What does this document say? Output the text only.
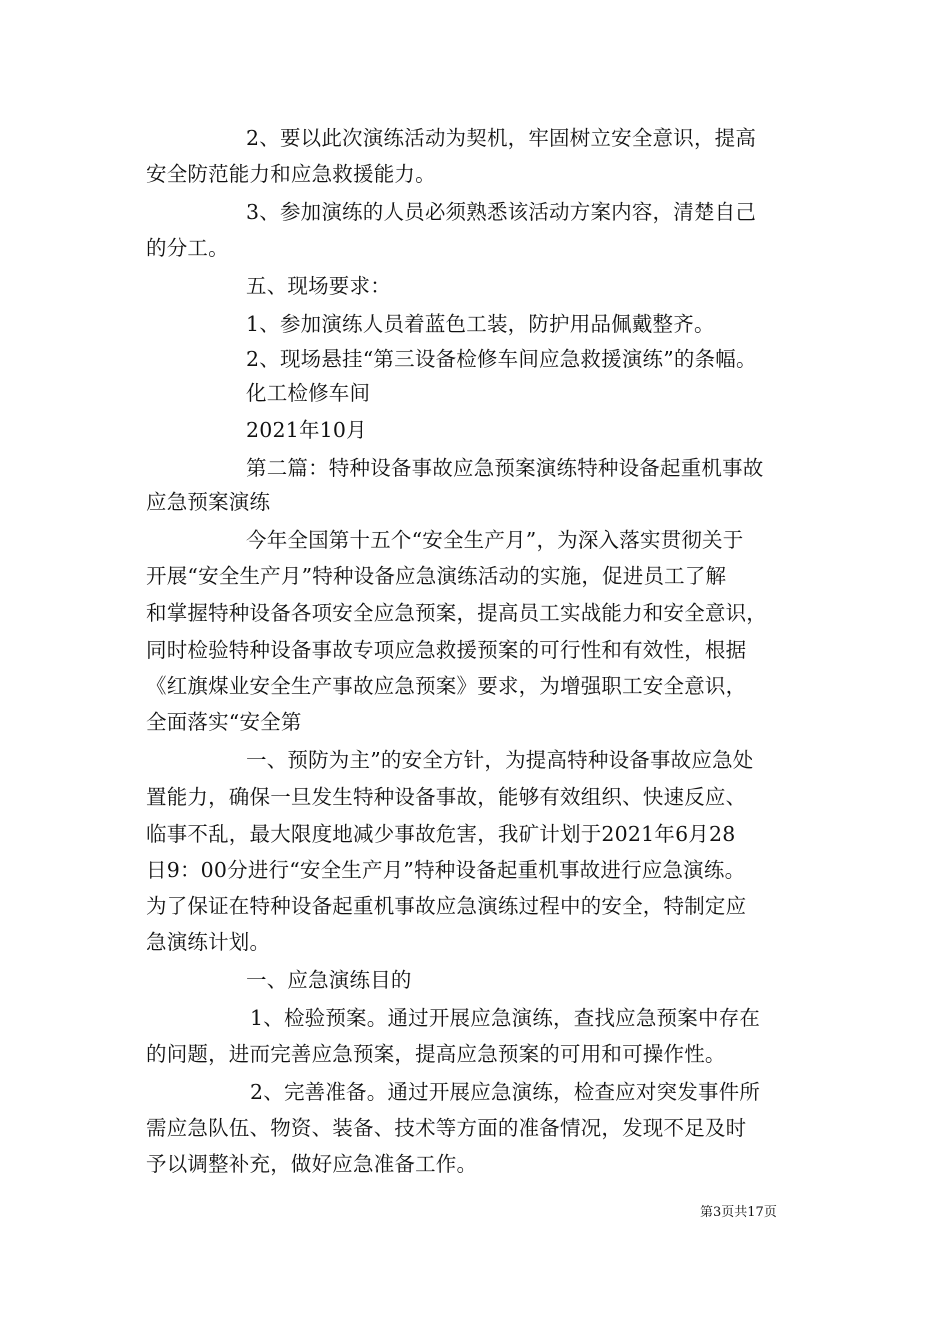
2、要以此次演练活动为契机，牢固树立安全意识，提高
安全防范能力和应急救援能力。
3、参加演练的人员必须熟悉该活动方案内容，清楚自己
的分工。
五、现场要求：
1、参加演练人员着蓝色工装，防护用品佩戴整齐。
2、现场悬挂“第三设备检修车间应急救援演练”的条幅。
化工检修车间
2021年10月
第二篇：特种设备事故应急预案演练特种设备起重机事故
应急预案演练
今年全国第十五个“安全生产月”，为深入落实贯彻关于
开展“安全生产月”特种设备应急演练活动的实施，促进员工了解
和掌握特种设备各项安全应急预案，提高员工实战能力和安全意识，
同时检验特种设备事故专项应急救援预案的可行性和有效性，根据
《红旗煤业安全生产事故应急预案》要求，为增强职工安全意识，
全面落实“安全第
一、预防为主”的安全方针，为提高特种设备事故应急处
置能力，确保一旦发生特种设备事故，能够有效组织、快速反应、
临事不乱，最大限度地减少事故危害，我矿计划于2021年6月28
日9：00分进行“安全生产月”特种设备起重机事故进行应急演练。
为了保证在特种设备起重机事故应急演练过程中的安全，特制定应
急演练计划。
一、应急演练目的
1、检验预案。通过开展应急演练，查找应急预案中存在
的问题，进而完善应急预案，提高应急预案的可用和可操作性。
2、完善准备。通过开展应急演练，检查应对突发事件所
需应急队伍、物资、装备、技术等方面的准备情况，发现不足及时
予以调整补充，做好应急准备工作。
第3页共17页
